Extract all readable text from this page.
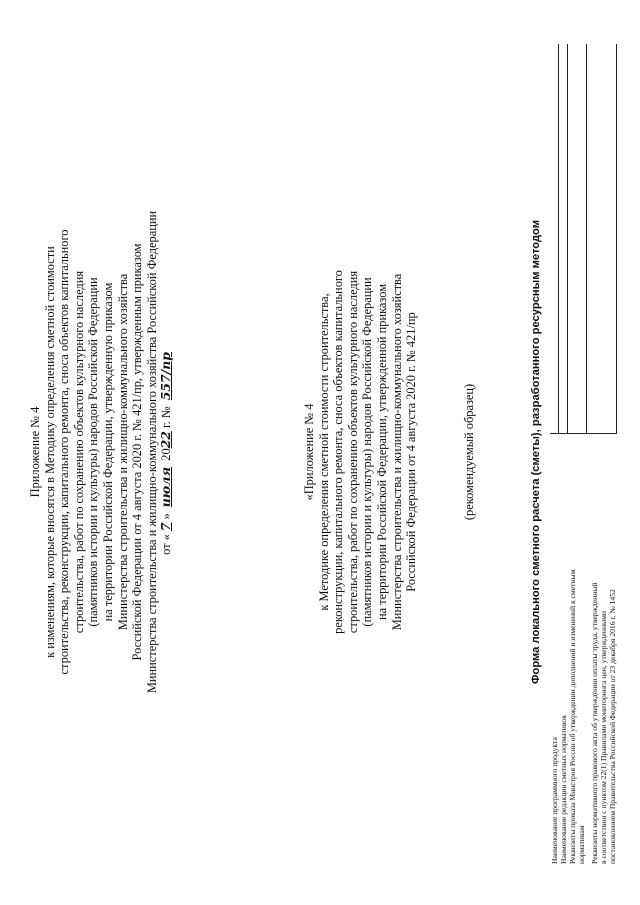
Приложение № 4 к изменениям, которые вносятся в Методику определения сметной стоимости строительства, реконструкции, капитального ремонта, сноса объектов капитального строительства, работ по сохранению объектов культурного наследия (памятников истории и культуры) народов Российской Федерации на территории Российской Федерации, утвержденную приказом Министерства строительства и жилищно-коммунального хозяйства Российской Федерации от 4 августа 2020 г. № 421/пр, утвержденным приказом Министерства строительства и жилищно-коммунального хозяйства Российской Федерации от «7» июля 2022 г. № 557/пр
«Приложение № 4 к Методике определения сметной стоимости строительства, реконструкции, капитального ремонта, сноса объектов капитального строительства, работ по сохранению объектов культурного наследия (памятников истории и культуры) народов Российской Федерации на территории Российской Федерации, утвержденной приказом Министерства строительства и жилищно-коммунального хозяйства Российской Федерации от 4 августа 2020 г. № 421/пр	(рекомендуемый образец)	Форма локального сметного расчета (сметы), разработанного ресурсным методом
Наименование программного продукта Наименование редакции сметных нормативов Реквизиты приказа Минстроя России об утверждении дополнений и изменений к сметным нормативам Реквизиты нормативного правового акта об утверждении оплаты труда, утвержденный в соответствии с пунктом 22(1) Правилами мониторинга цен, утвержденными постановлением Правительства Российской Федерации от 23 декабря 2016 г. № 1452
